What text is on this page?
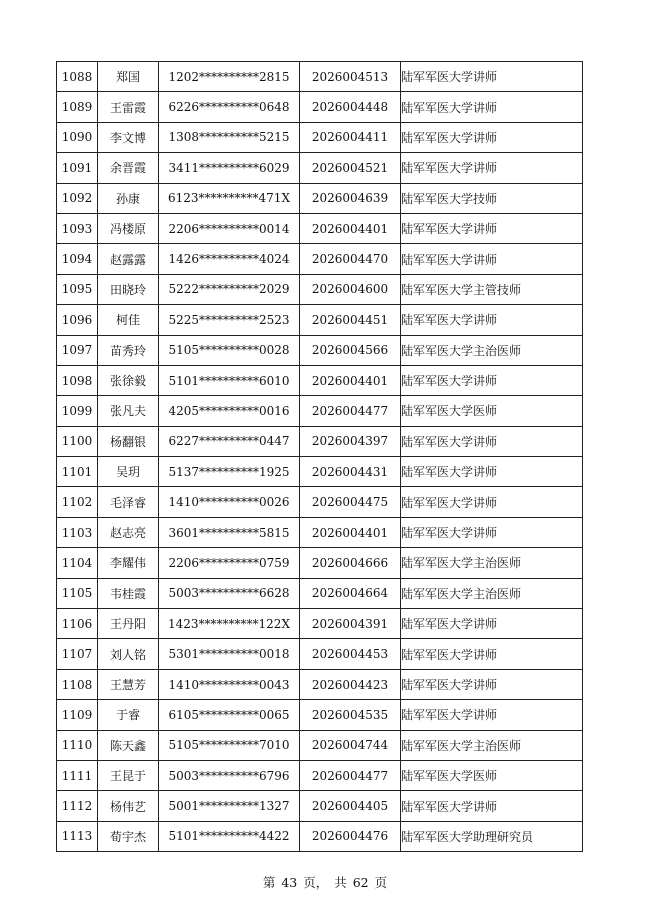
1088	郑国	1202**********2815	2026004513	陆军军医大学讲师
1089	王雷霞	6226**********0648	2026004448	陆军军医大学讲师
1090	李文博	1308**********5215	2026004411	陆军军医大学讲师
1091	余晋霞	3411**********6029	2026004521	陆军军医大学讲师
1092	孙康	6123**********471X	2026004639	陆军军医大学技师
1093	冯楼原	2206**********0014	2026004401	陆军军医大学讲师
1094	赵露露	1426**********4024	2026004470	陆军军医大学讲师
1095	田晓玲	5222**********2029	2026004600	陆军军医大学主管技师
1096	柯佳	5225**********2523	2026004451	陆军军医大学讲师
1097	苗秀玲	5105**********0028	2026004566	陆军军医大学主治医师
1098	张徐毅	5101**********6010	2026004401	陆军军医大学讲师
1099	张凡夫	4205**********0016	2026004477	陆军军医大学医师
1100	杨翻银	6227**********0447	2026004397	陆军军医大学讲师
1101	吴玥	5137**********1925	2026004431	陆军军医大学讲师
1102	毛泽睿	1410**********0026	2026004475	陆军军医大学讲师
1103	赵志亮	3601**********5815	2026004401	陆军军医大学讲师
1104	李耀伟	2206**********0759	2026004666	陆军军医大学主治医师
1105	韦桂霞	5003**********6628	2026004664	陆军军医大学主治医师
1106	王丹阳	1423**********122X	2026004391	陆军军医大学讲师
1107	刘人铭	5301**********0018	2026004453	陆军军医大学讲师
1108	王慧芳	1410**********0043	2026004423	陆军军医大学讲师
1109	于睿	6105**********0065	2026004535	陆军军医大学讲师
1110	陈天鑫	5105**********7010	2026004744	陆军军医大学主治医师
1111	王昆于	5003**********6796	2026004477	陆军军医大学医师
1112	杨伟艺	5001**********1327	2026004405	陆军军医大学讲师
1113	荀宇杰	5101**********4422	2026004476	陆军军医大学助理研究员
第 43 页， 共 62 页
